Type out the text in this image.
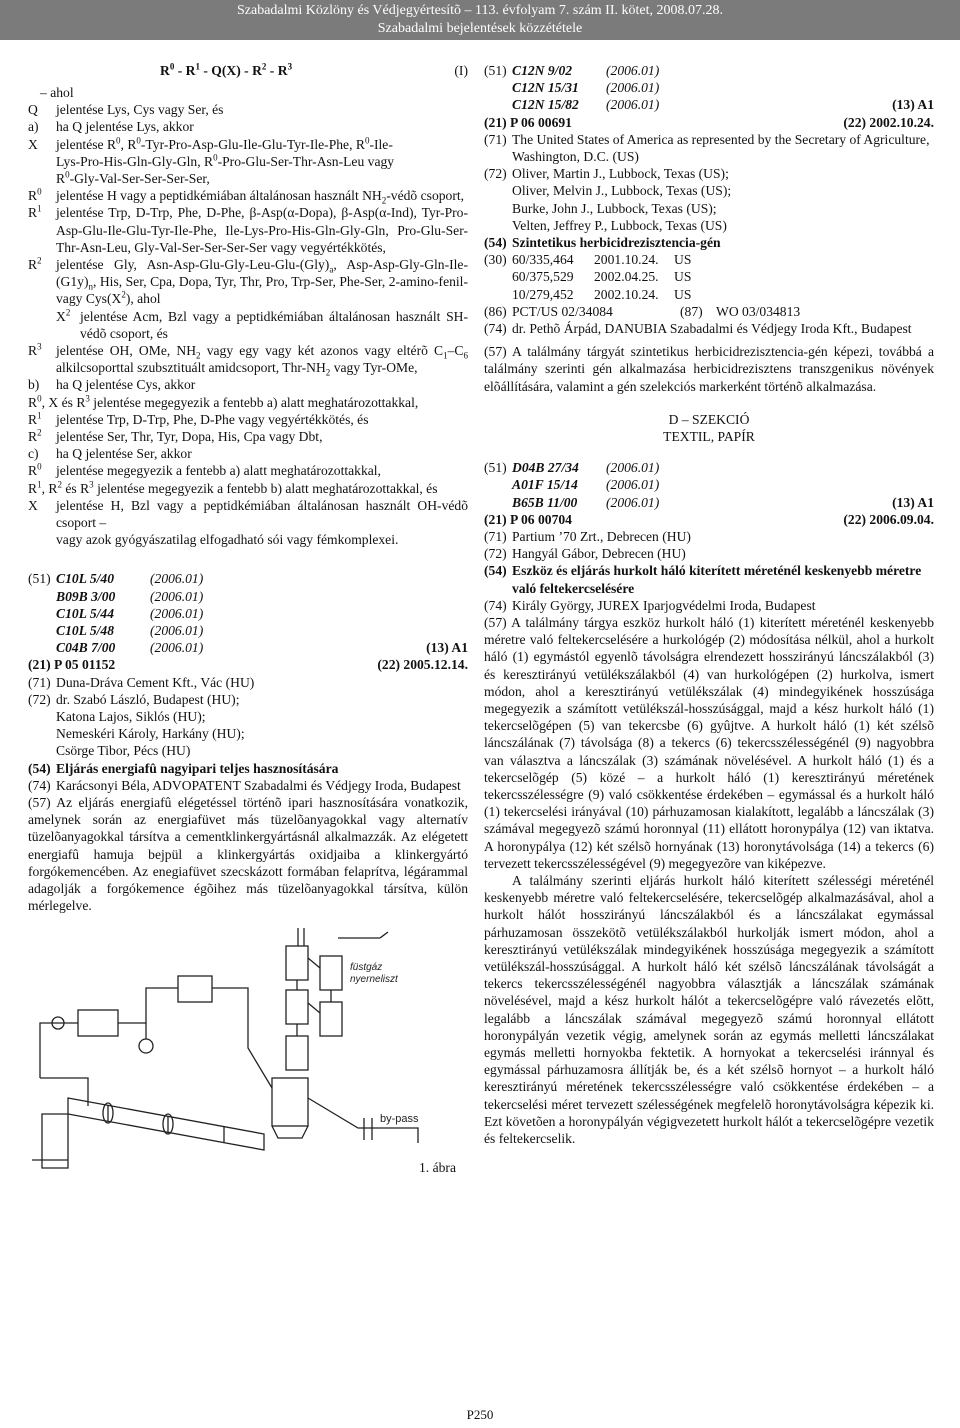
Szabadalmi Közlöny és Védjegyértesítõ – 113. évfolyam 7. szám II. kötet, 2008.07.28.
Szabadalmi bejelentések közzététele
$R^0 - R^1 - Q(X) - R^2 - R^3$	(I)
– ahol
Q jelentése Lys, Cys vagy Ser, és
a) ha Q jelentése Lys, akkor
X jelentése $R^0$, $R^0-Tyr-Pro-Asp-Glu-Ile-Glu-Tyr-Ile$-Phe, $R^0-Ile-$
Lys-Pro-His-Gln-Gly-Gln, $R^0-Pro-Glu-Ser-Thr-Asn$-Leu vagy
$R^0-Gly-Val-Ser-Ser-Ser$-Ser,
$R^0$ jelentése H vagy a peptidkémiában általánosan használt $NH_2$-védõ csoport,
$R^1$ jelentése Trp, D-Trp, Phe, D-Phe, β-Asp(α-Dopa), β-Asp(α-Ind), Tyr-Pro-Asp-Glu-Ile-Glu-Tyr-Ile-Phe, Ile-Lys-Pro-His-Gln-Gly-Gln, Pro-Glu-Ser-Thr-Asn-Leu, Gly-Val-Ser-Ser-Ser-Ser vagy vegyértékkötés,
$R^2$ jelentése Gly, Asn-$Asp-Glu-Gly-Leu-Glu-(Gly)_a$, Asp-$Asp-Gly-Gln-Ile-(G1y)_n$, His, Ser, Cpa, Dopa, Tyr, Thr, Pro, Trp-Ser, Phe-Ser, 2-amino-fenil- vagy $Cys(X^2)$, ahol
$X^2$ jelentése Acm, Bzl vagy a peptidkémiában általánosan használt SH-védõ csoport, és
$R^3$ jelentése OH, OMe, $NH_2$ vagy egy vagy két azonos vagy eltérõ $C_1-C_6$ alkilcsoporttal szubsztituált amidcsoport, Thr-$NH_2$ vagy Tyr-OMe,
b) ha Q jelentése Cys, akkor
$R^0$, X és $R^3$ jelentése megegyezik a fentebb a) alatt meghatározottakkal,
$R^1$ jelentése Trp, D-Trp, Phe, D-Phe vagy vegyértékkötés, és
$R^2$ jelentése Ser, Thr, Tyr, Dopa, His, Cpa vagy Dbt,
c) ha Q jelentése Ser, akkor
$R^0$ jelentése megegyezik a fentebb a) alatt meghatározottakkal,
$R^1$, $R^2$ és $R^3$ jelentése megegyezik a fentebb b) alatt meghatározottakkal, és
X jelentése H, Bzl vagy a peptidkémiában általánosan használt OH-védõ csoport –
vagy azok gyógyászatilag elfogadható sói vagy fémkomplexei.
(51) C10L 5/40	(2006.01)
B09B 3/00	(2006.01)
C10L 5/44	(2006.01)
C10L 5/48	(2006.01)
C04B 7/00	(2006.01)	(13) A1
(21) P 05 01152	(22) 2005.12.14.
(71) Duna-Dráva Cement Kft., Vác (HU)
(72) dr. Szabó László, Budapest (HU);
Katona Lajos, Siklós (HU);
Nemeskéri Károly, Harkány (HU);
Csörge Tibor, Pécs (HU)
(54) Eljárás energiafû nagyipari teljes hasznosítására
(74) Karácsonyi Béla, ADVOPATENT Szabadalmi és Védjegy Iroda, Budapest
(57) Az eljárás energiafû elégetéssel történõ ipari hasznosítására vonatkozik, amelynek során az energiafüvet más tüzelõanyagokkal vagy alternatív tüzelõanyagokkal társítva a cementklinkergyártásnál alkalmazzák. Az elégetett energiafû hamuja bejpül a klinkergyártás oxidjaiba a klinkergyártó forgókemencében. Az enegiafüvet szecskázott formában felaprítva, légárammal adagolják a forgókemence égõihez más tüzelõanyagokkal társítva, külön mérlegelve.
füstgáz
nyerneliszt
by-pass
1. ábra
(51) C12N 9/02 (2006.01)
C12N 15/31 (2006.01)
C12N 15/82 (2006.01)	(13) A1
(21) P 06 00691	(22) 2002.10.24.
(71) The United States of America as represented by the Secretary of Agriculture, Washington, D.C. (US)
(72) Oliver, Martin J., Lubbock, Texas (US);
Oliver, Melvin J., Lubbock, Texas (US);
Burke, John J., Lubbock, Texas (US);
Velten, Jeffrey P., Lubbock, Texas (US)
(54) Szintetikus herbicidrezisztencia-gén
(30) 60/335,464 2001.10.24. US
60/375,529 2002.04.25. US
10/279,452 2002.10.24. US
(86) PCT/US 02/34084	(87) WO 03/034813
(74) dr. Pethõ Árpád, DANUBIA Szabadalmi és Védjegy Iroda Kft., Budapest
(57) A találmány tárgyát szintetikus herbicidrezisztencia-gén képezi, továbbá a találmány szerinti gén alkalmazása herbicidrezisztens transzgenikus növények elõállítására, valamint a gén szelekciós markerként történõ alkalmazása.
D – SZEKCIÓ
TEXTIL, PAPÍR
(51) D04B 27/34 (2006.01)
A01F 15/14 (2006.01)
B65B 11/00 (2006.01)	(13) A1
(21) P 06 00704	(22) 2006.09.04.
(71) Partium ’70 Zrt., Debrecen (HU)
(72) Hangyál Gábor, Debrecen (HU)
(54) Eszköz és eljárás hurkolt háló kiterített méreténél keskenyebb méretre való feltekercselésére
(74) Király György, JUREX Iparjogvédelmi Iroda, Budapest
(57) A találmány tárgya eszköz hurkolt háló (1) kiterített méreténél keskenyebb méretre való feltekercselésére a hurkológép (2) módosítása nélkül, ahol a hurkolt háló (1) egymástól egyenlõ távolságra elrendezett hosszirányú láncszálakból (3) és keresztirányú vetülékszálakból (4) van hurkológépen (2) hurkolva, ismert módon, ahol a keresztirányú vetülékszálak (4) mindegyikének hosszúsága megegyezik a számított vetülékszál-hosszúsággal, majd a kész hurkolt háló (1) tekercselõgépen (5) van tekercsbe (6) gyûjtve. A hurkolt háló (1) két szélsõ láncszálának (7) távolsága (8) a tekercs (6) tekercsszélességénél (9) nagyobbra van választva a láncszálak (3) számának növelésével. A hurkolt háló (1) és a tekercselõgép (5) közé – a hurkolt háló (1) keresztirányú méretének tekercsszélességre (9) való csökkentése érdekében – egymással és a hurkolt háló (1) tekercselési irányával (10) párhuzamosan kialakított, legalább a láncszálak (3) számával megegyezõ számú horonnyal (11) ellátott horonypálya (12) van iktatva. A horonypálya (12) két szélsõ hornyának (13) horonytávolsága (14) a tekercs (6) tervezett tekercsszélességével (9) megegyezõre van kiképezve.
A találmány szerinti eljárás hurkolt háló kiterített szélességi méreténél keskenyebb méretre való feltekercselésére, tekercselõgép alkalmazásával, ahol a hurkolt hálót hosszirányú láncszálakból és a láncszálakat egymással párhuzamosan összekötõ vetülékszálakból hurkolják ismert módon, ahol a keresztirányú vetülékszálak mindegyikének hosszúsága megegyezik a számított vetülékszál-hosszúsággal. A hurkolt háló két szélsõ láncszálának távolságát a tekercs tekercsszélességénél nagyobbra választják a láncszálak számának növelésével, majd a kész hurkolt hálót a tekercselõgépre való rávezetés elõtt, legalább a láncszálak számával megegyezõ számú horonnyal ellátott horonypályán vezetik végig, amelynek során az egymás melletti láncszálakat egymás melletti hornyokba fektetik. A hornyokat a tekercselési iránnyal és egymással párhuzamosra állítják be, és a két szélsõ hornyot – a hurkolt háló keresztirányú méretének tekercsszélességre való csökkentése érdekében – a tekercselési méret tervezett szélességének megfelelõ horonytávolságra képezik ki. Ezt követõen a horonypályán végigvezetett hurkolt hálót a tekercselõgépre vezetik és feltekercselik.
P250
